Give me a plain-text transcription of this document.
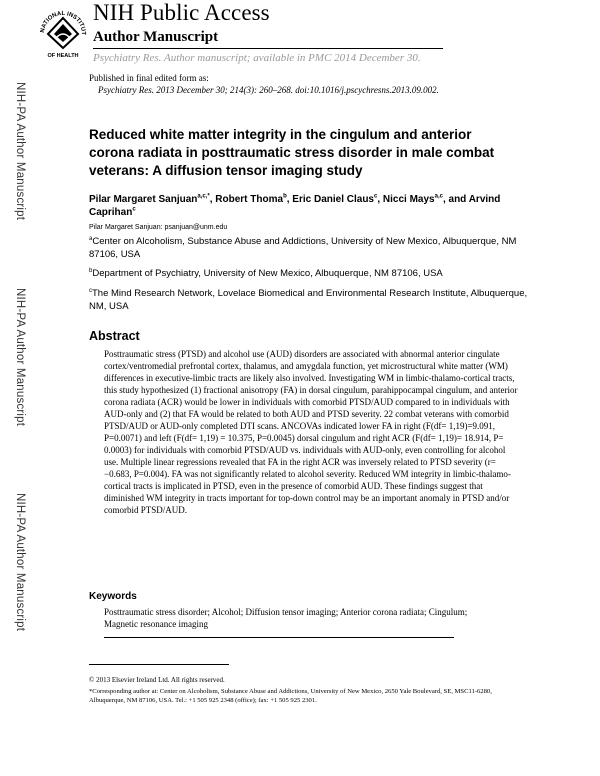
NATIONAL INSTITUT
OF HEALTH
NIH Public Access
Author Manuscript
Psychiatry Res. Author manuscript; available in PMC 2014 December 30.
Published in final edited form as:
Psychiatry Res. 2013 December 30; 214(3): 260–268. doi:10.1016/j.pscychresns.2013.09.002.
NIH-PA Author Manuscript
NIH-PA Author Manuscript
NIH-PA Author Manuscript
Reduced white matter integrity in the cingulum and anterior corona radiata in posttraumatic stress disorder in male combat veterans: A diffusion tensor imaging study
Pilar Margaret Sanjuan$^{a,c,*}$, Robert Thoma$^b$, Eric Daniel Claus$^c$, Nicci Mays$^{a,c}$, and Arvind Caprihan$^c$
Pilar Margaret Sanjuan: psanjuan@unm.edu
$^a$Center on Alcoholism, Substance Abuse and Addictions, University of New Mexico, Albuquerque, NM 87106, USA
$^b$Department of Psychiatry, University of New Mexico, Albuquerque, NM 87106, USA
$^c$The Mind Research Network, Lovelace Biomedical and Environmental Research Institute, Albuquerque, NM, USA
Abstract
Posttraumatic stress (PTSD) and alcohol use (AUD) disorders are associated with abnormal anterior cingulate cortex/ventromedial prefrontal cortex, thalamus, and amygdala function, yet microstructural white matter (WM) differences in executive-limbic tracts are likely also involved. Investigating WM in limbic-thalamo-cortical tracts, this study hypothesized (1) fractional anisotropy (FA) in dorsal cingulum, parahippocampal cingulum, and anterior corona radiata (ACR) would be lower in individuals with comorbid PTSD/AUD compared to in individuals with AUD-only and (2) that FA would be related to both AUD and PTSD severity. 22 combat veterans with comorbid PTSD/AUD or AUD-only completed DTI scans. ANCOVAs indicated lower FA in right (F(df= 1,19)=9.091, P=0.0071) and left (F(df= 1,19) = 10.375, P=0.0045) dorsal cingulum and right ACR (F(df= 1,19)= 18.914, P= 0.0003) for individuals with comorbid PTSD/AUD vs. individuals with AUD-only, even controlling for alcohol use. Multiple linear regressions revealed that FA in the right ACR was inversely related to PTSD severity (r= −0.683, P=0.004). FA was not significantly related to alcohol severity. Reduced WM integrity in limbic-thalamo-cortical tracts is implicated in PTSD, even in the presence of comorbid AUD. These findings suggest that diminished WM integrity in tracts important for top-down control may be an important anomaly in PTSD and/or comorbid PTSD/AUD.
Keywords
Posttraumatic stress disorder; Alcohol; Diffusion tensor imaging; Anterior corona radiata; Cingulum; Magnetic resonance imaging
© 2013 Elsevier Ireland Ltd. All rights reserved.
*Corresponding author at: Center on Alcoholism, Substance Abuse and Addictions, University of New Mexico, 2650 Yale Boulevard, SE, MSC11-6280, Albuquerque, NM 87106, USA. Tel.: +1 505 925 2348 (office); fax: +1 505 925 2301.
